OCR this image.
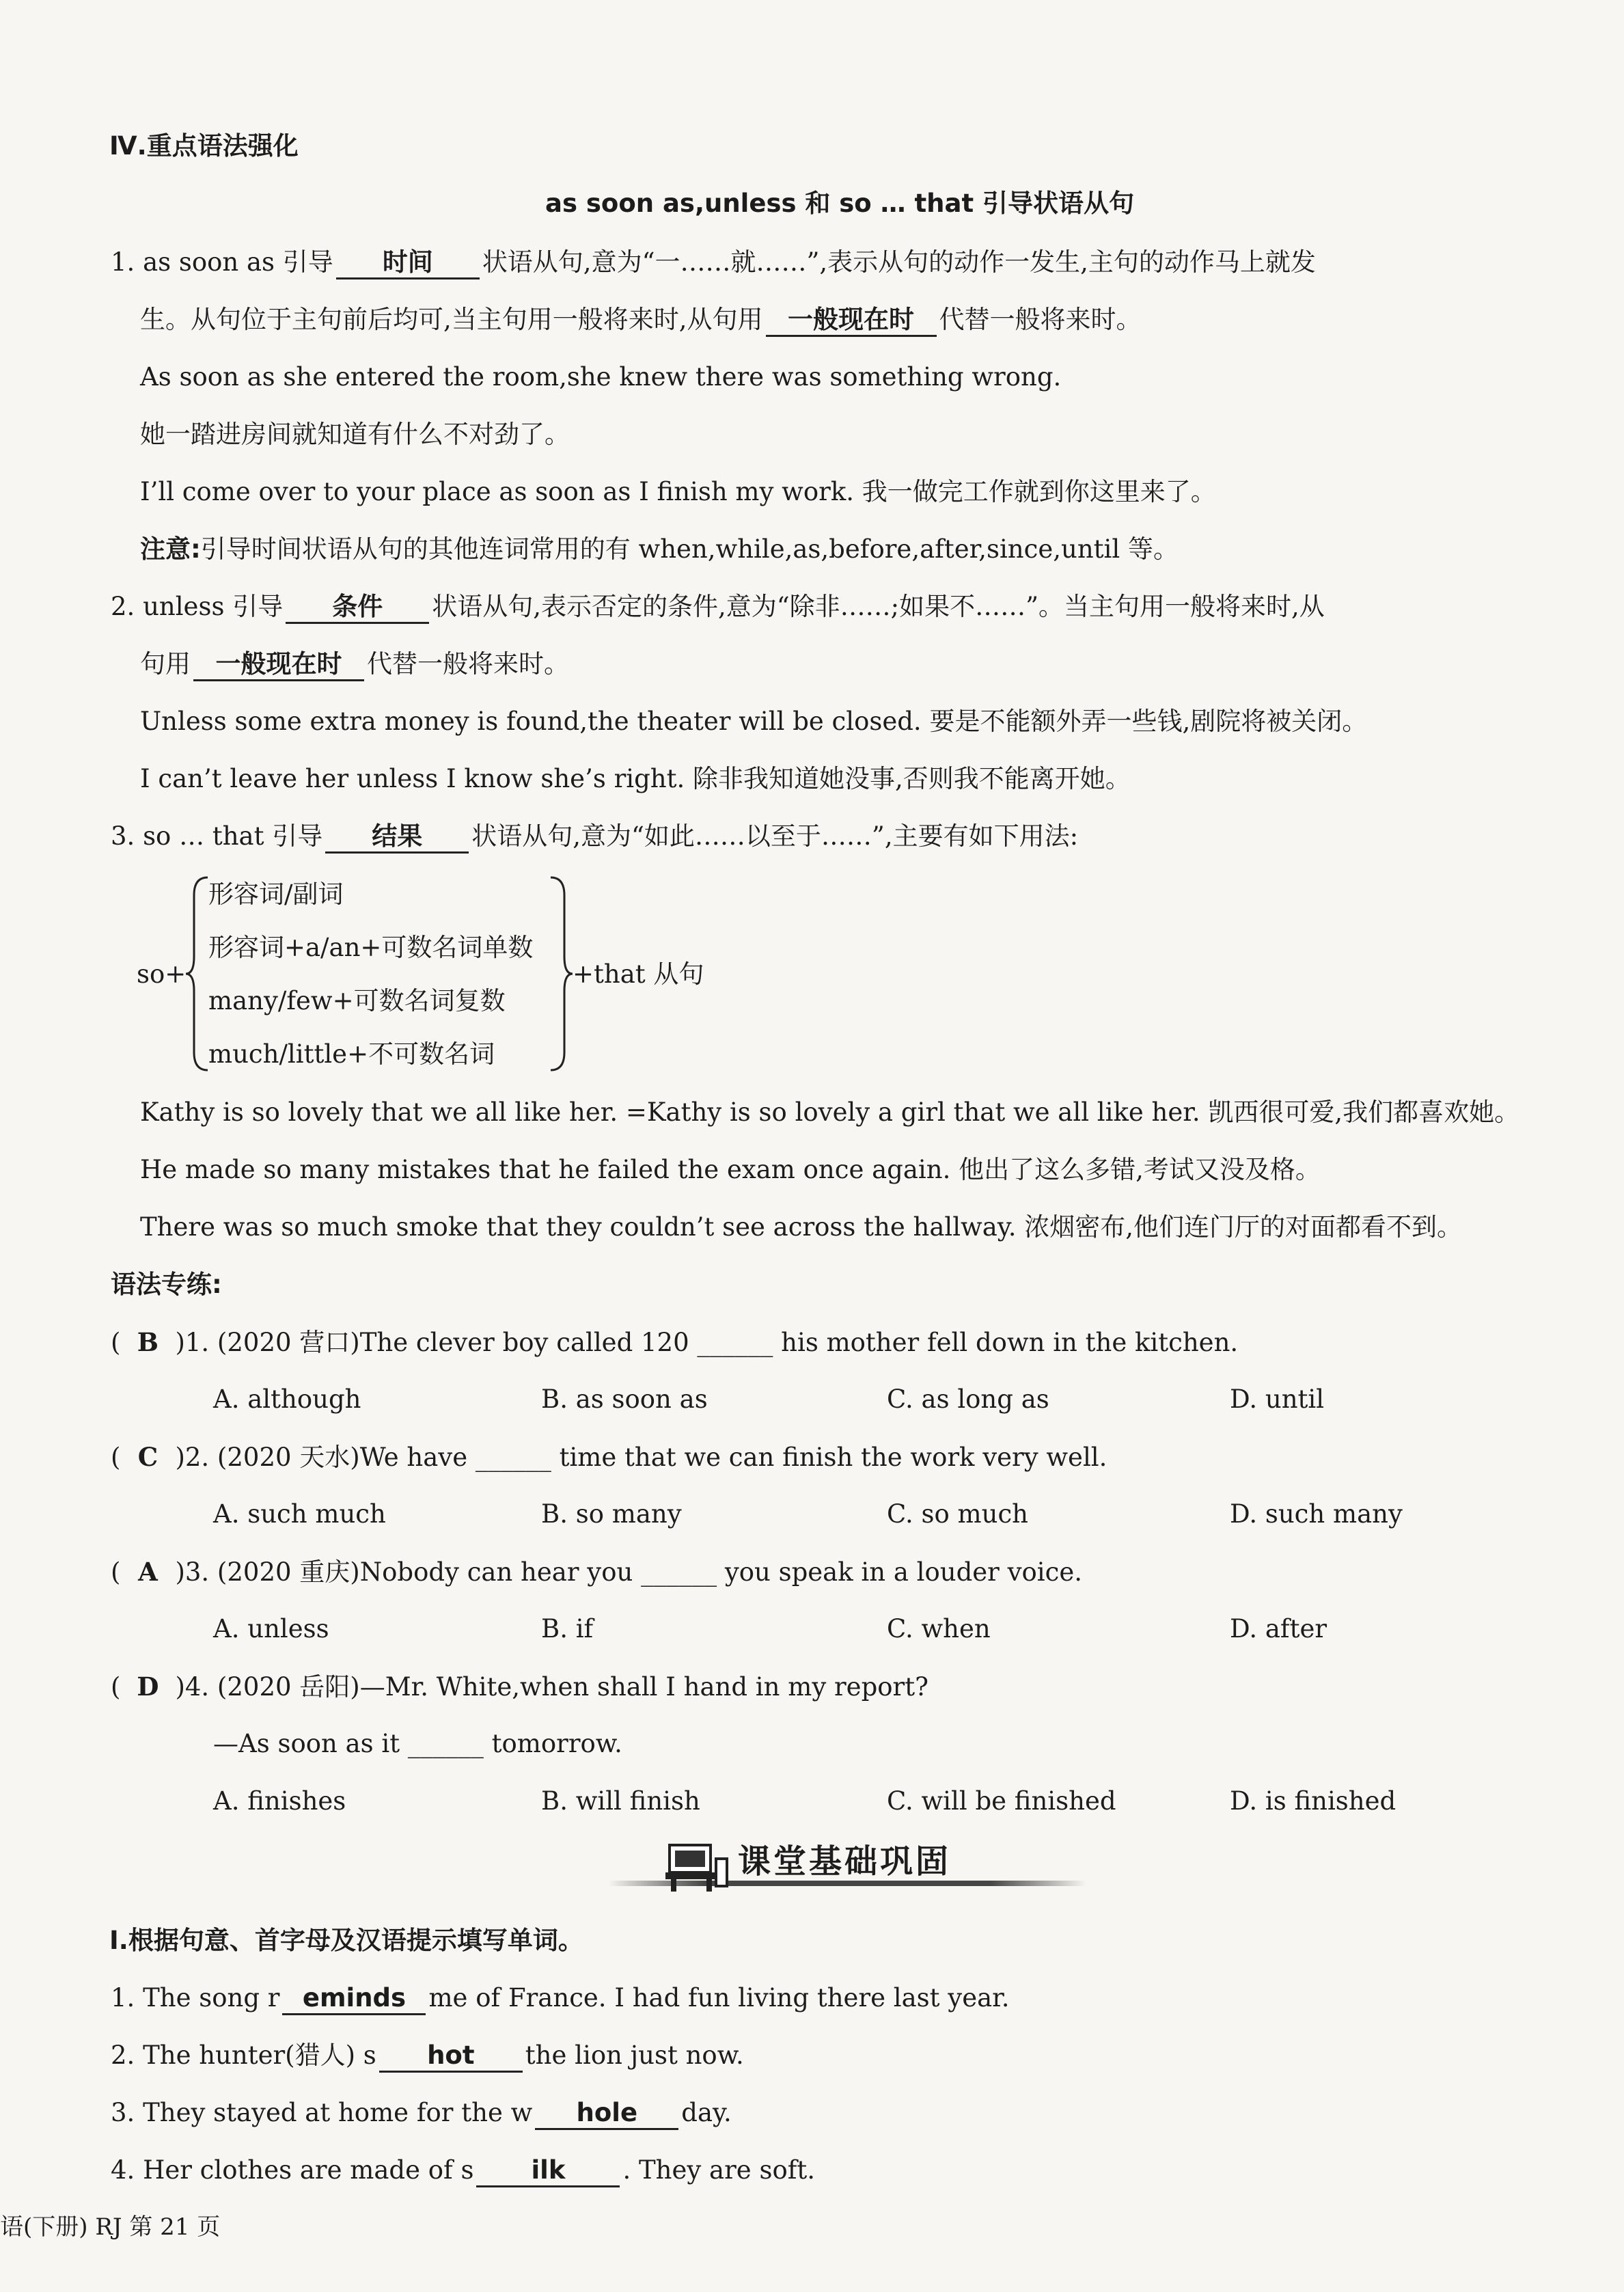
Ⅳ.重点语法强化
as soon as,unless 和 so … that 引导状语从句
1. as soon as 引导 时间 状语从句,意为“一……就……”,表示从句的动作一发生,主句的动作马上就发
生。从句位于主句前后均可,当主句用一般将来时,从句用 一般现在时 代替一般将来时。
As soon as she entered the room,she knew there was something wrong.
她一踏进房间就知道有什么不对劲了。
I’ll come over to your place as soon as I finish my work. 我一做完工作就到你这里来了。
注意:引导时间状语从句的其他连词常用的有 when,while,as,before,after,since,until 等。
2. unless 引导 条件 状语从句,表示否定的条件,意为“除非……;如果不……”。当主句用一般将来时,从
句用 一般现在时 代替一般将来时。
Unless some extra money is found,the theater will be closed. 要是不能额外弄一些钱,剧院将被关闭。
I can’t leave her unless I know she’s right. 除非我知道她没事,否则我不能离开她。
3. so … that 引导 结果 状语从句,意为“如此……以至于……”,主要有如下用法:
so+
形容词/副词
形容词+a/an+可数名词单数
many/few+可数名词复数
much/little+不可数名词
+that 从句
Kathy is so lovely that we all like her. =Kathy is so lovely a girl that we all like her. 凯西很可爱,我们都喜欢她。
He made so many mistakes that he failed the exam once again. 他出了这么多错,考试又没及格。
There was so much smoke that they couldn’t see across the hallway. 浓烟密布,他们连门厅的对面都看不到。
语法专练:
( B )1. (2020 营口)The clever boy called 120 ______ his mother fell down in the kitchen.
A. although	B. as soon as	C. as long as	D. until
( C )2. (2020 天水)We have ______ time that we can finish the work very well.
A. such much	B. so many	C. so much	D. such many
( A )3. (2020 重庆)Nobody can hear you ______ you speak in a louder voice.
A. unless	B. if	C. when	D. after
( D )4. (2020 岳阳)—Mr. White,when shall I hand in my report?
—As soon as it ______ tomorrow.
A. finishes	B. will finish	C. will be finished	D. is finished
课堂基础巩固
Ⅰ.根据句意、首字母及汉语提示填写单词。
1. The song r eminds me of France. I had fun living there last year.
2. The hunter(猎人) s hot the lion just now.
3. They stayed at home for the w hole day.
4. Her clothes are made of s ilk . They are soft.
语(下册) RJ 第 21 页
